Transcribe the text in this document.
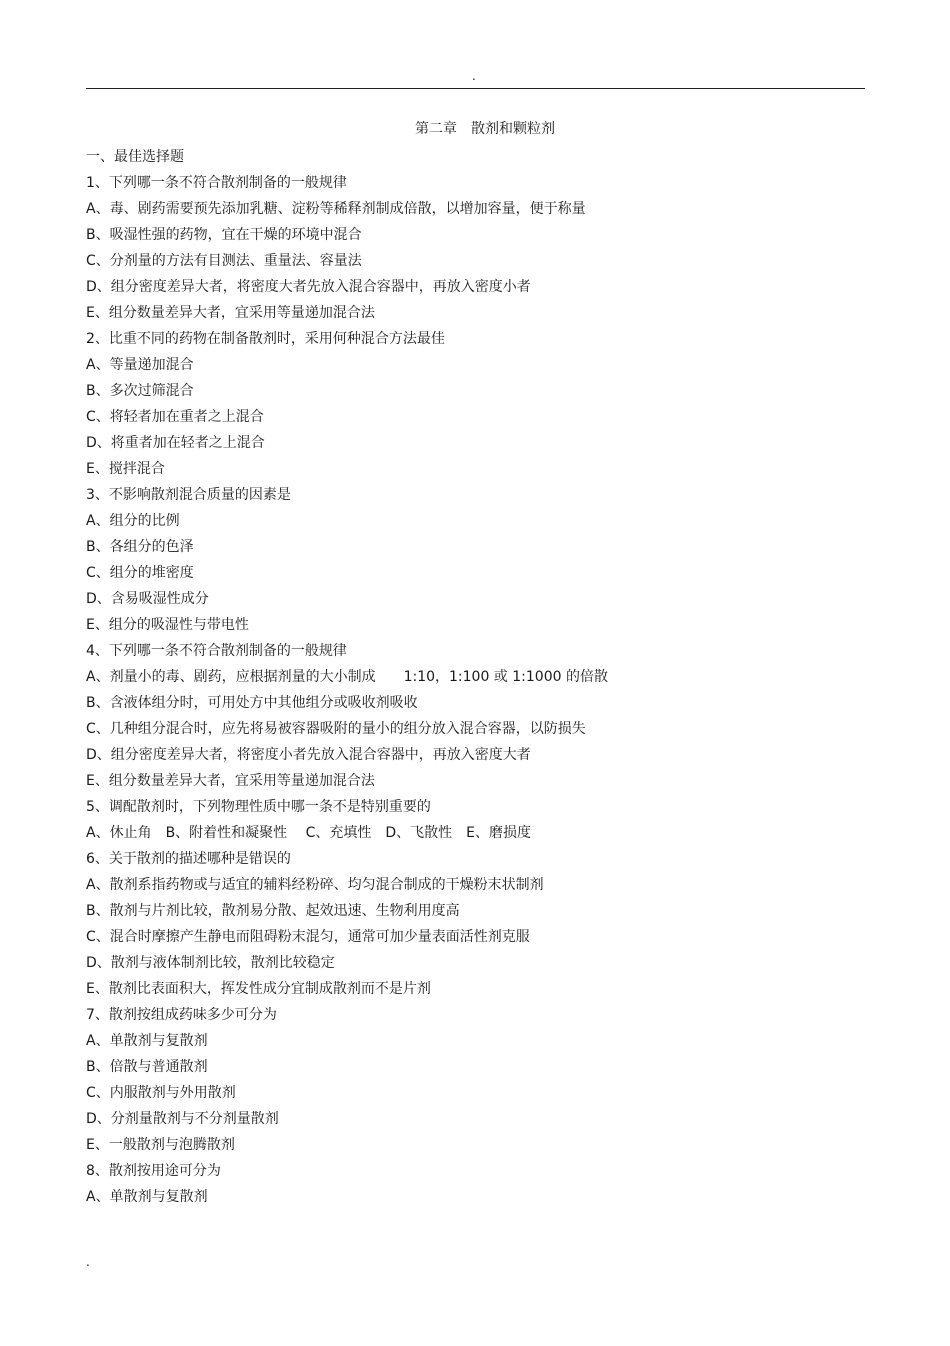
.
第二章　散剂和颗粒剂
一、最佳选择题
1、下列哪一条不符合散剂制备的一般规律
A、毒、剧药需要预先添加乳糖、淀粉等稀释剂制成倍散，以增加容量，便于称量
B、吸湿性强的药物，宜在干燥的环境中混合
C、分剂量的方法有目测法、重量法、容量法
D、组分密度差异大者，将密度大者先放入混合容器中，再放入密度小者
E、组分数量差异大者，宜采用等量递加混合法
2、比重不同的药物在制备散剂时，采用何种混合方法最佳
A、等量递加混合
B、多次过筛混合
C、将轻者加在重者之上混合
D、将重者加在轻者之上混合
E、搅拌混合
3、不影响散剂混合质量的因素是
A、组分的比例
B、各组分的色泽
C、组分的堆密度
D、含易吸湿性成分
E、组分的吸湿性与带电性
4、下列哪一条不符合散剂制备的一般规律
A、剂量小的毒、剧药，应根据剂量的大小制成　　1:10，1:100 或 1:1000 的倍散
B、含液体组分时，可用处方中其他组分或吸收剂吸收
C、几种组分混合时，应先将易被容器吸附的量小的组分放入混合容器，以防损失
D、组分密度差异大者，将密度小者先放入混合容器中，再放入密度大者
E、组分数量差异大者，宜采用等量递加混合法
5、调配散剂时，下列物理性质中哪一条不是特别重要的
A、休止角　B、附着性和凝聚性　 C、充填性　D、飞散性　E、磨损度
6、关于散剂的描述哪种是错误的
A、散剂系指药物或与适宜的辅料经粉碎、均匀混合制成的干燥粉末状制剂
B、散剂与片剂比较，散剂易分散、起效迅速、生物利用度高
C、混合时摩擦产生静电而阻碍粉末混匀，通常可加少量表面活性剂克服
D、散剂与液体制剂比较，散剂比较稳定
E、散剂比表面积大，挥发性成分宜制成散剂而不是片剂
7、散剂按组成药味多少可分为
A、单散剂与复散剂
B、倍散与普通散剂
C、内服散剂与外用散剂
D、分剂量散剂与不分剂量散剂
E、一般散剂与泡腾散剂
8、散剂按用途可分为
A、单散剂与复散剂
.
